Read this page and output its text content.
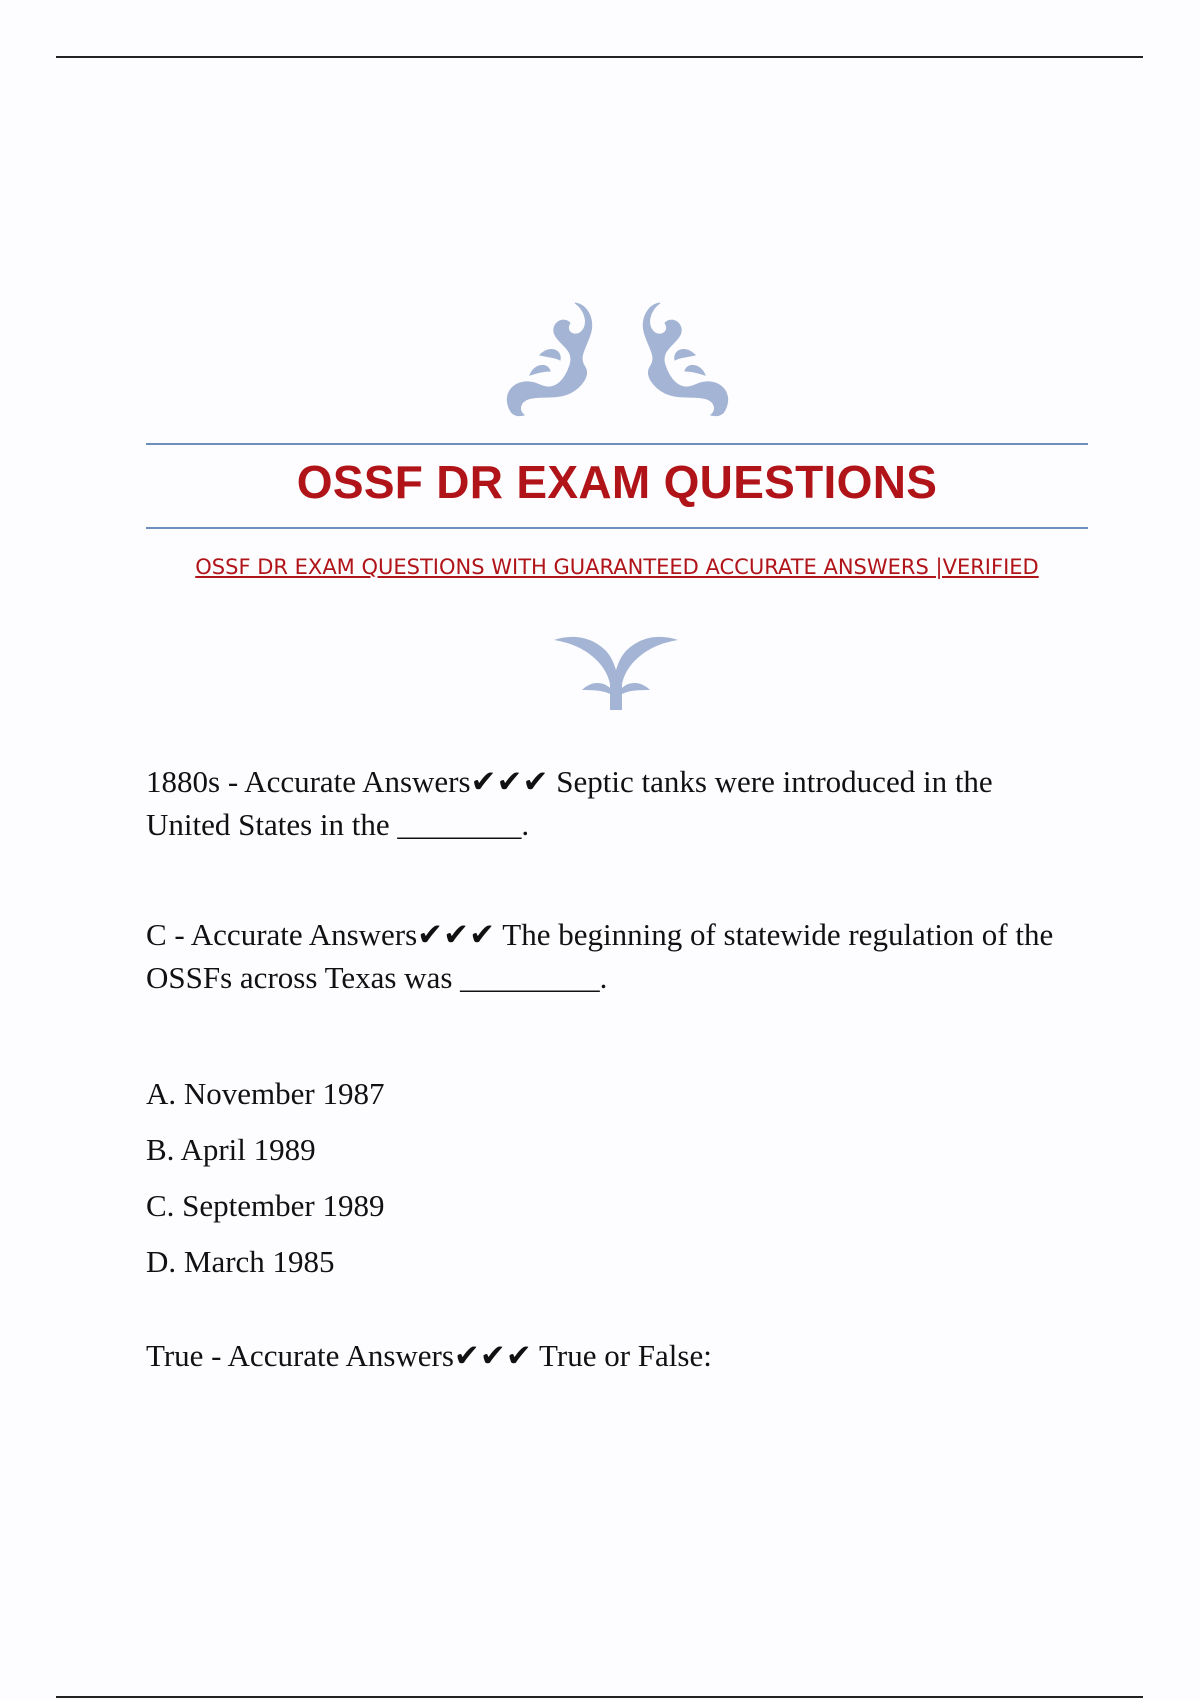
OSSF DR EXAM QUESTIONS
OSSF DR EXAM QUESTIONS WITH GUARANTEED ACCURATE ANSWERS |VERIFIED

1880s - Accurate Answers✔✔✔ Septic tanks were introduced in the United States in the ________.

C - Accurate Answers✔✔✔ The beginning of statewide regulation of the OSSFs across Texas was _________.

A. November 1987

B. April 1989

C. September 1989

D. March 1985

True - Accurate Answers✔✔✔ True or False:
